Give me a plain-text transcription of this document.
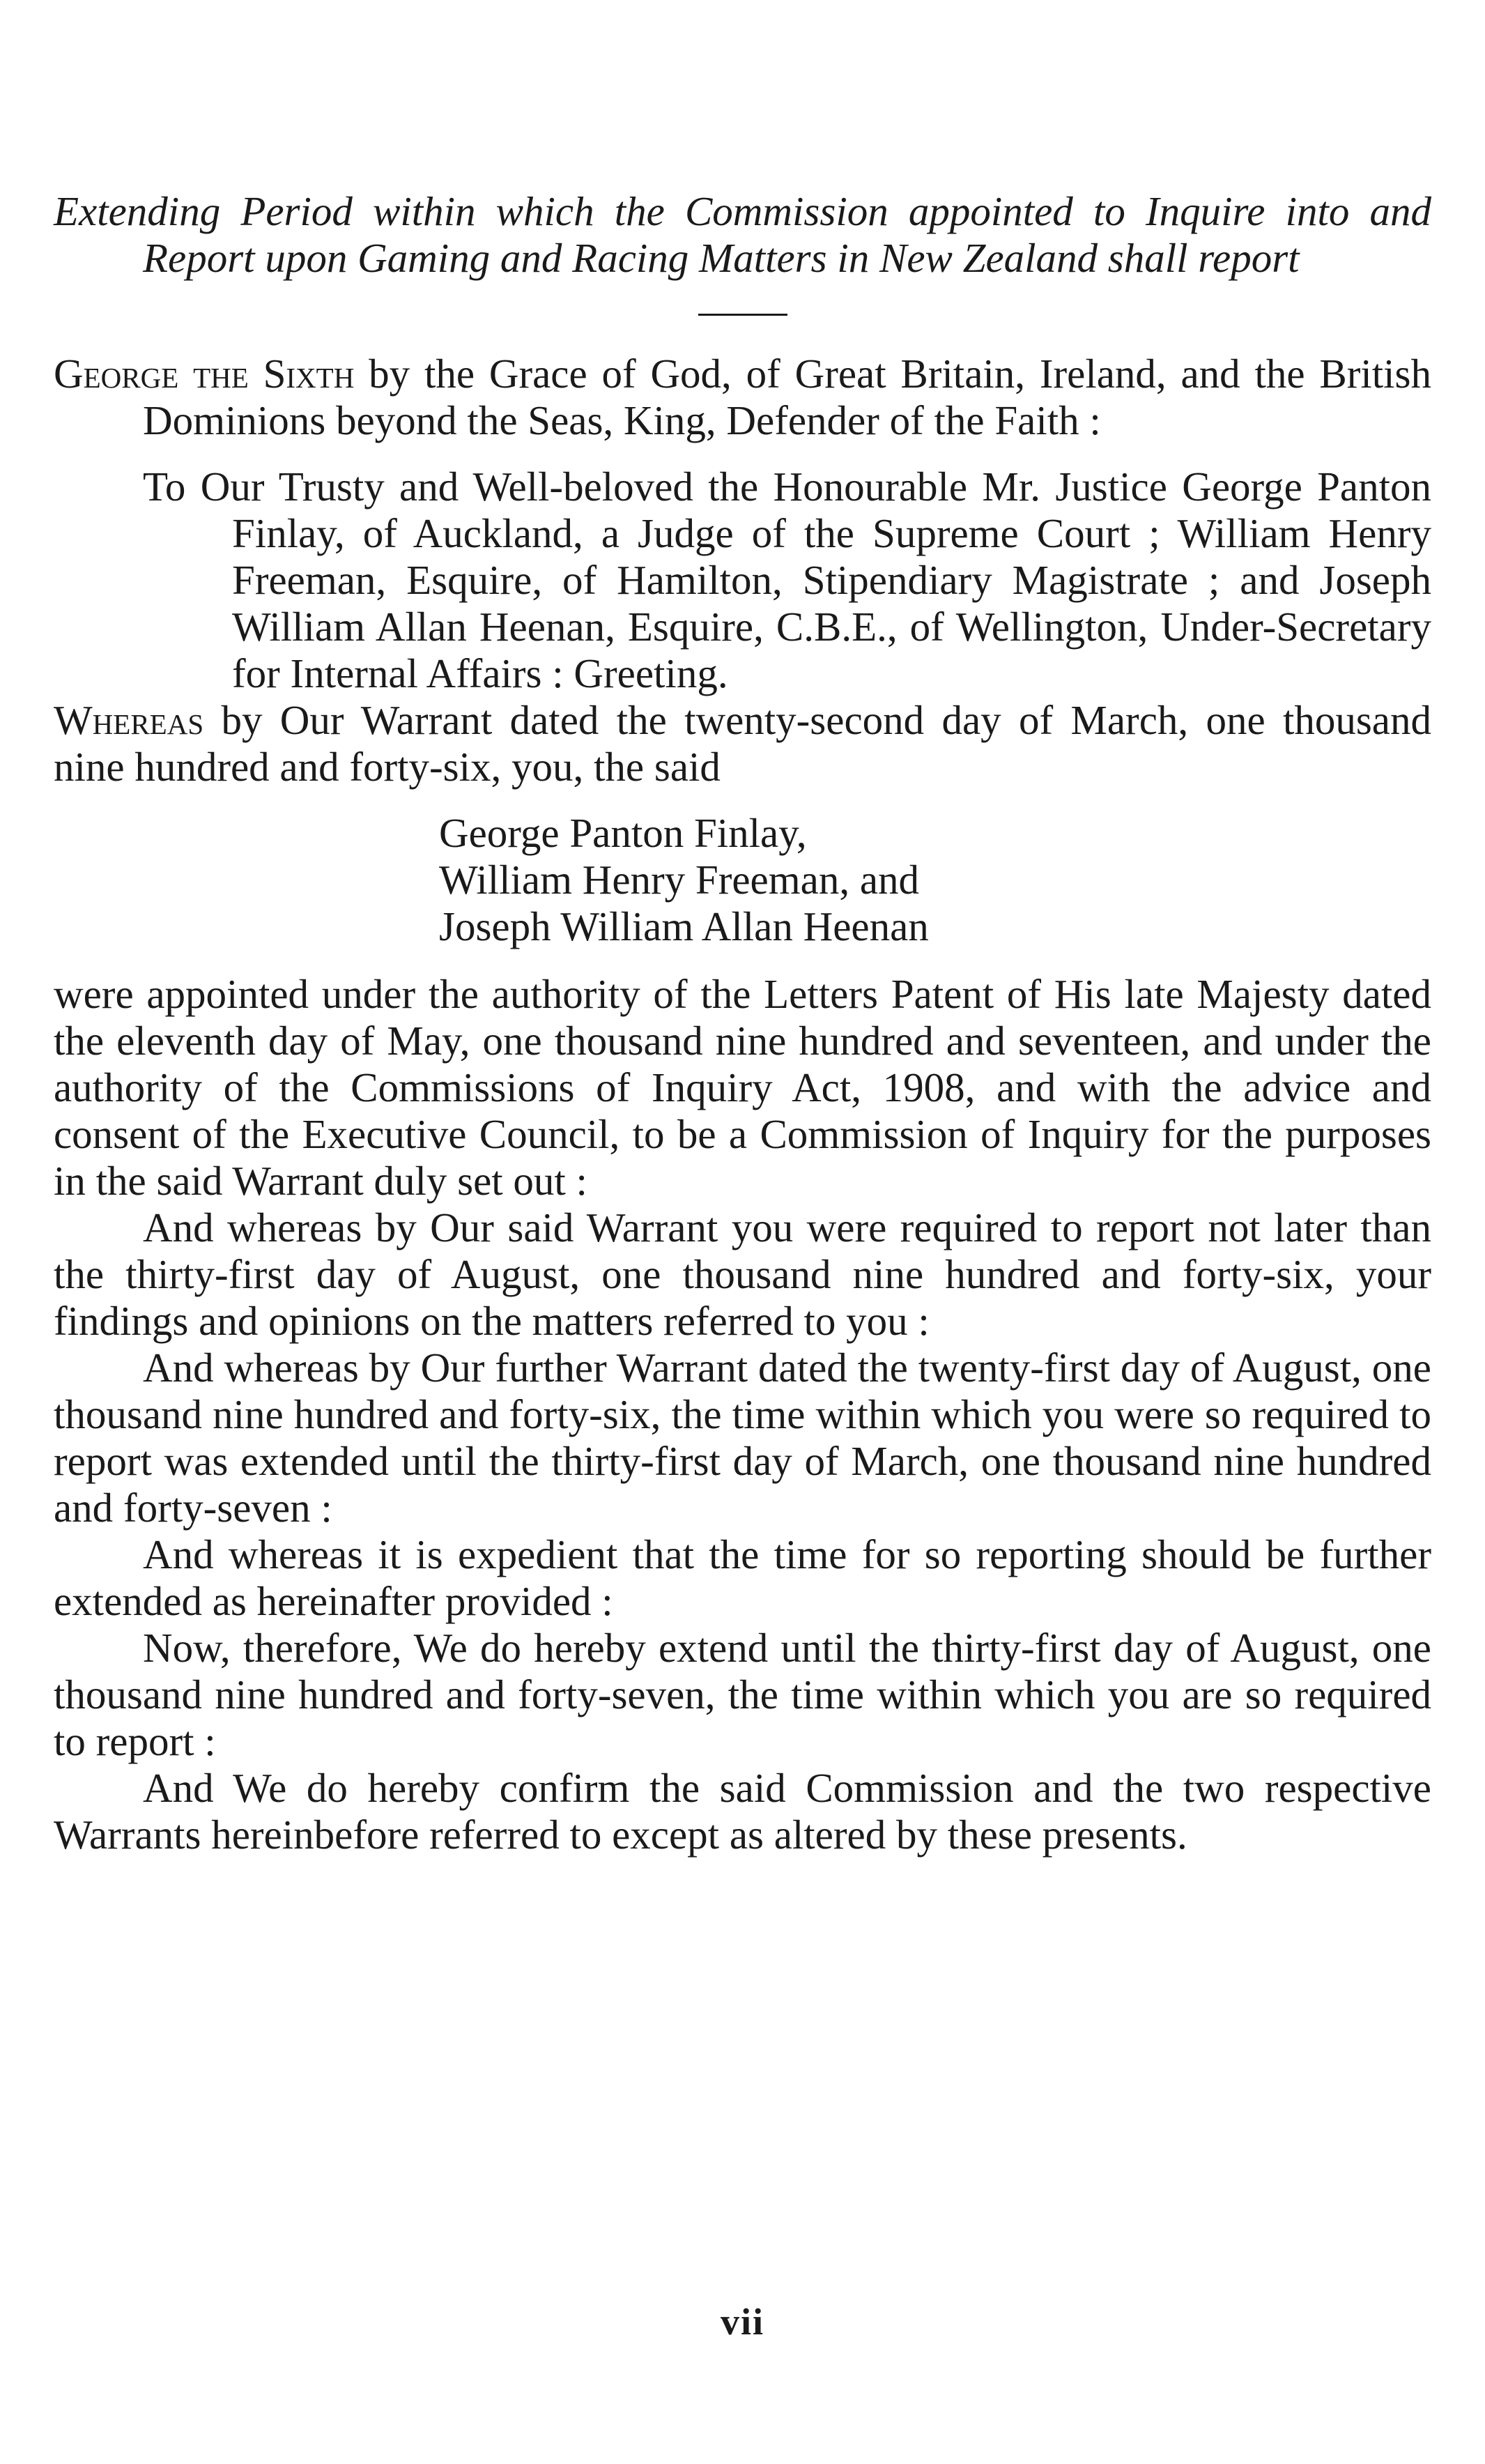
Extending Period within which the Commission appointed to Inquire into and Report upon Gaming and Racing Matters in New Zealand shall report

George the Sixth by the Grace of God, of Great Britain, Ireland, and the British Dominions beyond the Seas, King, Defender of the Faith :

To Our Trusty and Well-beloved the Honourable Mr. Justice George Panton Finlay, of Auckland, a Judge of the Supreme Court ; William Henry Freeman, Esquire, of Hamilton, Stipendiary Magistrate ; and Joseph William Allan Heenan, Esquire, C.B.E., of Wellington, Under-Secretary for Internal Affairs : Greeting.

Whereas by Our Warrant dated the twenty-second day of March, one thousand nine hundred and forty-six, you, the said

George Panton Finlay,
William Henry Freeman, and
Joseph William Allan Heenan

were appointed under the authority of the Letters Patent of His late Majesty dated the eleventh day of May, one thousand nine hundred and seventeen, and under the authority of the Commissions of Inquiry Act, 1908, and with the advice and consent of the Executive Council, to be a Commission of Inquiry for the purposes in the said Warrant duly set out :

And whereas by Our said Warrant you were required to report not later than the thirty-first day of August, one thousand nine hundred and forty-six, your findings and opinions on the matters referred to you :

And whereas by Our further Warrant dated the twenty-first day of August, one thousand nine hundred and forty-six, the time within which you were so required to report was extended until the thirty-first day of March, one thousand nine hundred and forty-seven :

And whereas it is expedient that the time for so reporting should be further extended as hereinafter provided :

Now, therefore, We do hereby extend until the thirty-first day of August, one thousand nine hundred and forty-seven, the time within which you are so required to report :

And We do hereby confirm the said Commission and the two respective Warrants hereinbefore referred to except as altered by these presents.

vii
